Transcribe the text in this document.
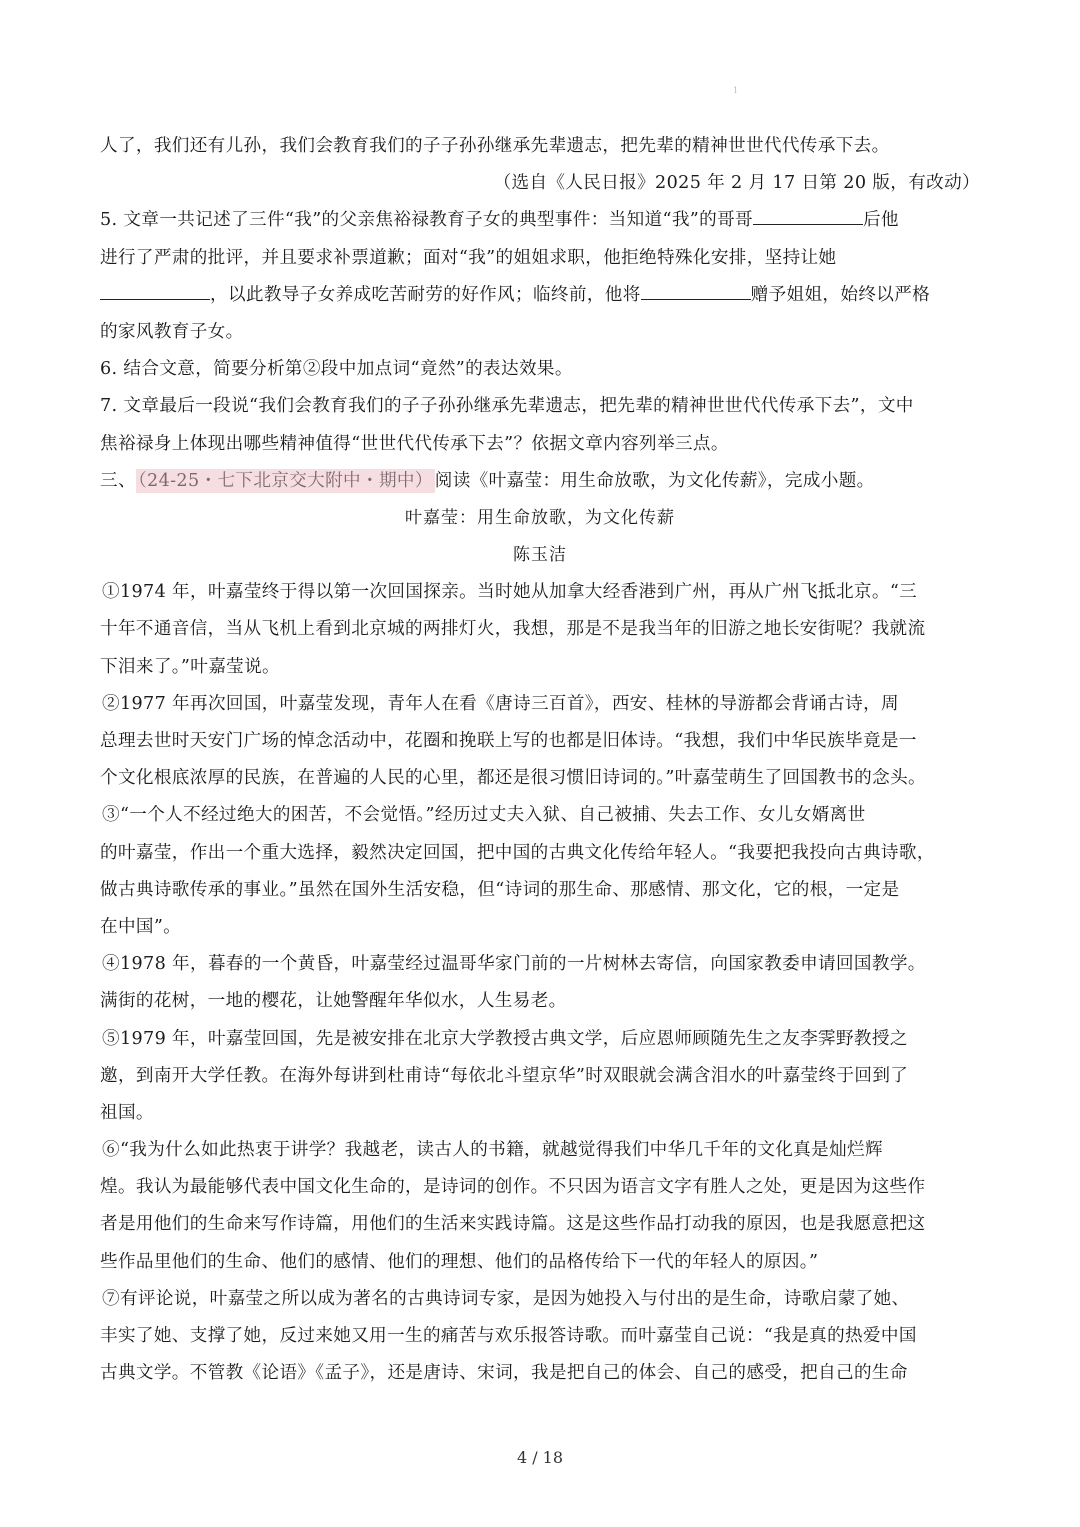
1
人了，我们还有儿孙，我们会教育我们的子子孙孙继承先辈遗志，把先辈的精神世世代代传承下去。
（选自《人民日报》2025 年 2 月 17 日第 20 版，有改动）
5. 文章一共记述了三件“我”的父亲焦裕禄教育子女的典型事件：当知道“我”的哥哥	后他
进行了严肃的批评，并且要求补票道歉；面对“我”的姐姐求职，他拒绝特殊化安排，坚持让她
，以此教导子女养成吃苦耐劳的好作风；临终前，他将	赠予姐姐，始终以严格
的家风教育子女。
6. 结合文意，简要分析第②段中加点词“竟然”的表达效果。
7. 文章最后一段说“我们会教育我们的子子孙孙继承先辈遗志，把先辈的精神世世代代传承下去”，文中
焦裕禄身上体现出哪些精神值得“世世代代传承下去”？依据文章内容列举三点。
三、 （24-25・七下北京交大附中・期中） 阅读《叶嘉莹：用生命放歌，为文化传薪》，完成小题。
叶嘉莹：用生命放歌，为文化传薪
陈玉洁
①1974 年，叶嘉莹终于得以第一次回国探亲。当时她从加拿大经香港到广州，再从广州飞抵北京。“三
十年不通音信，当从飞机上看到北京城的两排灯火，我想，那是不是我当年的旧游之地长安街呢？我就流
下泪来了。”叶嘉莹说。
②1977 年再次回国，叶嘉莹发现，青年人在看《唐诗三百首》，西安、桂林的导游都会背诵古诗，周
总理去世时天安门广场的悼念活动中，花圈和挽联上写的也都是旧体诗。“我想，我们中华民族毕竟是一
个文化根底浓厚的民族，在普遍的人民的心里，都还是很习惯旧诗词的。”叶嘉莹萌生了回国教书的念头。
③“一个人不经过绝大的困苦，不会觉悟。”经历过丈夫入狱、自己被捕、失去工作、女儿女婿离世
的叶嘉莹，作出一个重大选择，毅然决定回国，把中国的古典文化传给年轻人。“我要把我投向古典诗歌，
做古典诗歌传承的事业。”虽然在国外生活安稳，但“诗词的那生命、那感情、那文化，它的根，一定是
在中国”。
④1978 年，暮春的一个黄昏，叶嘉莹经过温哥华家门前的一片树林去寄信，向国家教委申请回国教学。
满街的花树，一地的樱花，让她警醒年华似水，人生易老。
⑤1979 年，叶嘉莹回国，先是被安排在北京大学教授古典文学，后应恩师顾随先生之友李霁野教授之
邀，到南开大学任教。在海外每讲到杜甫诗“每依北斗望京华”时双眼就会满含泪水的叶嘉莹终于回到了
祖国。
⑥“我为什么如此热衷于讲学？我越老，读古人的书籍，就越觉得我们中华几千年的文化真是灿烂辉
煌。我认为最能够代表中国文化生命的，是诗词的创作。不只因为语言文字有胜人之处，更是因为这些作
者是用他们的生命来写作诗篇，用他们的生活来实践诗篇。这是这些作品打动我的原因，也是我愿意把这
些作品里他们的生命、他们的感情、他们的理想、他们的品格传给下一代的年轻人的原因。”
⑦有评论说，叶嘉莹之所以成为著名的古典诗词专家，是因为她投入与付出的是生命，诗歌启蒙了她、
丰实了她、支撑了她，反过来她又用一生的痛苦与欢乐报答诗歌。而叶嘉莹自己说：“我是真的热爱中国
古典文学。不管教《论语》《孟子》，还是唐诗、宋词，我是把自己的体会、自己的感受，把自己的生命
4 / 18
